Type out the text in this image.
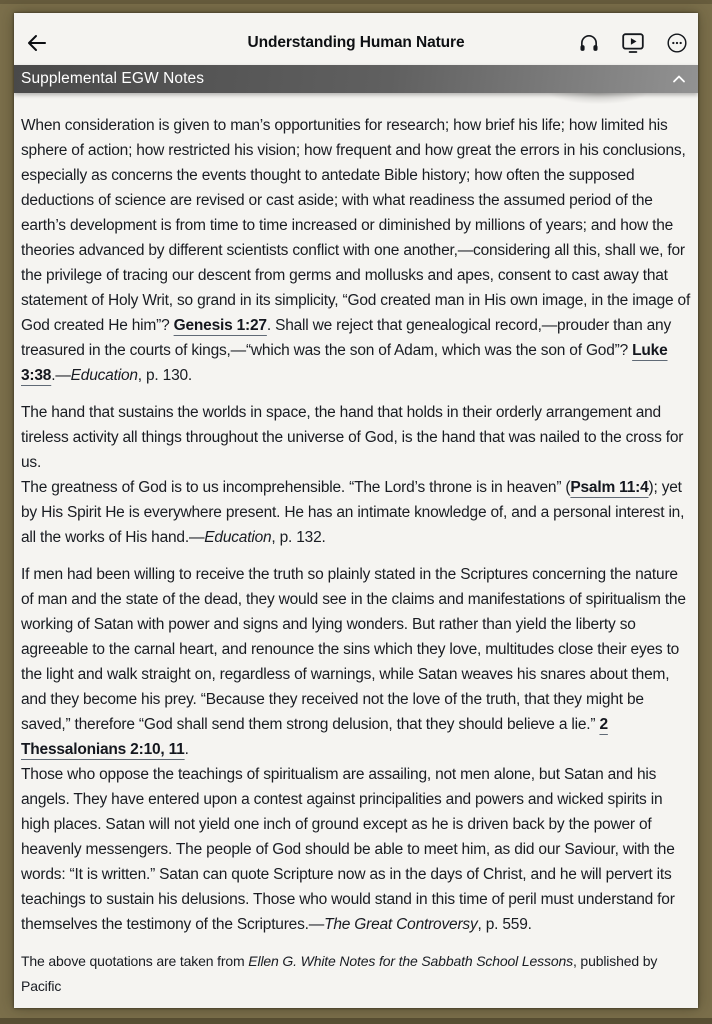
Understanding Human Nature
Supplemental EGW Notes

When consideration is given to man’s opportunities for research; how brief his life; how limited his sphere of action; how restricted his vision; how frequent and how great the errors in his conclusions, especially as concerns the events thought to antedate Bible history; how often the supposed deductions of science are revised or cast aside; with what readiness the assumed period of the earth’s development is from time to time increased or diminished by millions of years; and how the theories advanced by different scientists conflict with one another,—considering all this, shall we, for the privilege of tracing our descent from germs and mollusks and apes, consent to cast away that statement of Holy Writ, so grand in its simplicity, “God created man in His own image, in the image of God created He him”? Genesis 1:27. Shall we reject that genealogical record,—prouder than any treasured in the courts of kings,—“which was the son of Adam, which was the son of God”? Luke 3:38.—Education, p. 130.

The hand that sustains the worlds in space, the hand that holds in their orderly arrangement and tireless activity all things throughout the universe of God, is the hand that was nailed to the cross for us.

The greatness of God is to us incomprehensible. “The Lord’s throne is in heaven” (Psalm 11:4); yet by His Spirit He is everywhere present. He has an intimate knowledge of, and a personal interest in, all the works of His hand.—Education, p. 132.

If men had been willing to receive the truth so plainly stated in the Scriptures concerning the nature of man and the state of the dead, they would see in the claims and manifestations of spiritualism the working of Satan with power and signs and lying wonders. But rather than yield the liberty so agreeable to the carnal heart, and renounce the sins which they love, multitudes close their eyes to the light and walk straight on, regardless of warnings, while Satan weaves his snares about them, and they become his prey. “Because they received not the love of the truth, that they might be saved,” therefore “God shall send them strong delusion, that they should believe a lie.” 2 Thessalonians 2:10, 11.

Those who oppose the teachings of spiritualism are assailing, not men alone, but Satan and his angels. They have entered upon a contest against principalities and powers and wicked spirits in high places. Satan will not yield one inch of ground except as he is driven back by the power of heavenly messengers. The people of God should be able to meet him, as did our Saviour, with the words: “It is written.” Satan can quote Scripture now as in the days of Christ, and he will pervert its teachings to sustain his delusions. Those who would stand in this time of peril must understand for themselves the testimony of the Scriptures.—The Great Controversy, p. 559.

The above quotations are taken from Ellen G. White Notes for the Sabbath School Lessons, published by Pacific
